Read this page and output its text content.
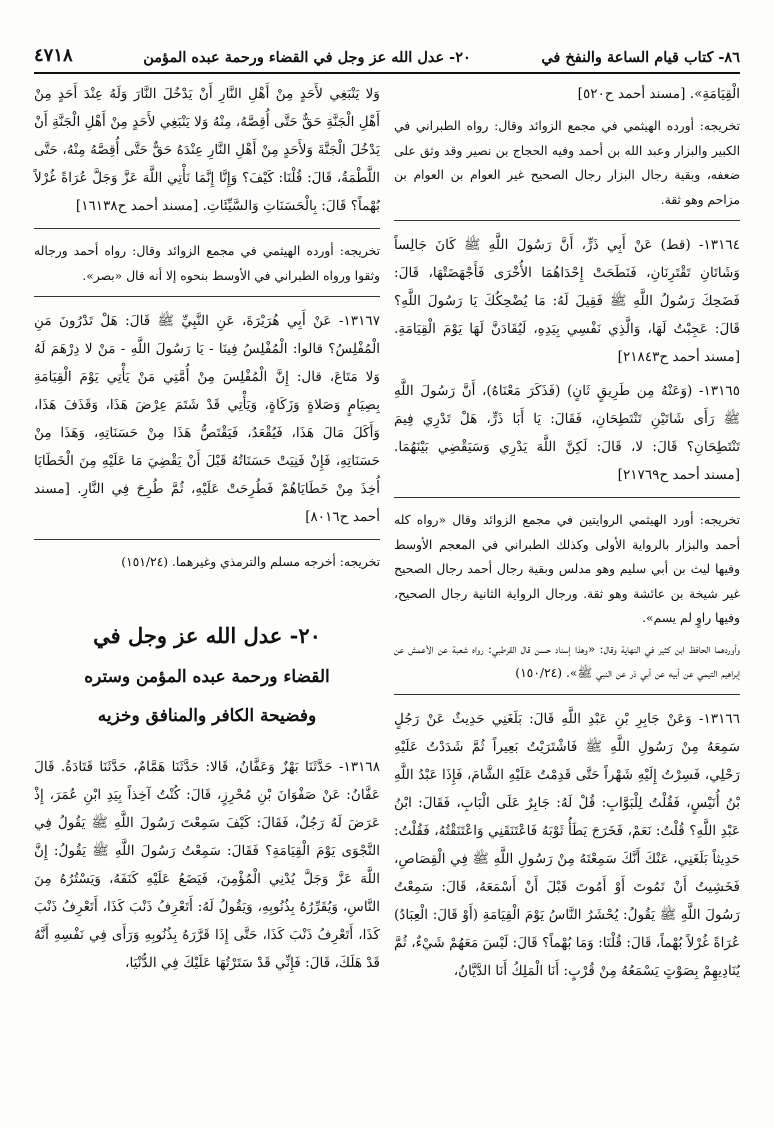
٨٦- كتاب قيام الساعة والنفخ في
٢٠- عدل الله عز وجل في القضاء ورحمة عبده المؤمن
٤٧١٨

الْقِيَامَةِ». [مسند أحمد ح٥٢٠]

تخريجه: أورده الهيثمي في مجمع الزوائد وقال: رواه الطبراني في الكبير والبزار وعبد الله بن أحمد وفيه الحجاج بن نصير وقد وثق على ضعفه، وبقية رجال البزار رجال الصحيح غير العوام بن العوام بن مزاحم وهو ثقة.

١٣١٦٤- (قط) عَنْ أَبِي ذَرٍّ، أَنَّ رَسُولَ اللَّهِ ﷺ كَانَ جَالِساً وَشَاتَانِ تَقْتَرِنَانِ، فَنَطَحَتْ إِحْدَاهُمَا الأُخْرَى فَأَجْهَضَتْهَا، قَالَ: فَضَحِكَ رَسُولُ اللَّهِ ﷺ فَقِيلَ لَهُ: مَا يُضْحِكُكَ يَا رَسُولَ اللَّهِ؟ قَالَ: عَجِبْتُ لَهَا، وَالَّذِي نَفْسِي بِيَدِهِ، لَيُقَادَنَّ لَهَا يَوْمَ الْقِيَامَةِ. [مسند أحمد ح٢١٨٤٣]

١٣١٦٥- (وَعَنْهُ مِن طَرِيقٍ ثَانٍ) (فَذَكَرَ مَعْنَاهُ)، أَنَّ رَسُولَ اللَّهِ ﷺ رَأَى شَاتَيْنِ تَنْتَطِحَانِ، فَقَالَ: يَا أَبَا ذَرٍّ، هَلْ تَدْرِي فِيمَ تَنْتَطِحَانِ؟ قَالَ: لا، قَالَ: لَكِنَّ اللَّهَ يَدْرِي وَسَيَقْضِي بَيْنَهُمَا. [مسند أحمد ح٢١٧٦٩]

تخريجه: أورد الهيثمي الروايتين في مجمع الزوائد وقال «رواه كله أحمد والبزار بالرواية الأولى وكذلك الطبراني في المعجم الأوسط وفيها ليث بن أبي سليم وهو مدلس وبقية رجال أحمد رجال الصحيح غير شيخة بن عائشة وهو ثقة. ورجال الرواية الثانية رجال الصحيح، وفيها راوٍ لم يسم».

وأوردهما الحافظ ابن كثير في النهاية وقال: «وهذا إسناد حسن قال القرطبي: رواه شعبة عن الأعمش عن إبراهيم التيمي عن أبيه عن أبي ذر عن النبي ﷺ». (١٥٠/٢٤)

١٣١٦٦- وَعَنْ جَابِرِ بْنِ عَبْدِ اللَّهِ قَالَ: بَلَغَنِي حَدِيثٌ عَنْ رَجُلٍ سَمِعَهُ مِنْ رَسُولِ اللَّهِ ﷺ فَاشْتَرَيْتُ بَعِيراً ثُمَّ شَدَدْتُ عَلَيْهِ رَحْلِي، فَسِرْتُ إِلَيْهِ شَهْراً حَتَّى قَدِمْتُ عَلَيْهِ الشَّامَ، فَإِذَا عَبْدُ اللَّهِ بْنُ أُنَيْسٍ، فَقُلْتُ لِلْبَوَّابِ: قُلْ لَهُ: جَابِرٌ عَلَى الْبَابِ، فَقَالَ: ابْنُ عَبْدِ اللَّهِ؟ قُلْتُ: نَعَمْ، فَخَرَجَ يَطَأُ ثَوْبَهُ فَاعْتَنَقَنِي وَاعْتَنَقْتُهُ، فَقُلْتُ: حَدِيثاً بَلَغَنِي، عَنْكَ أَنَّكَ سَمِعْتَهُ مِنْ رَسُولِ اللَّهِ ﷺ فِي الْقِصَاصِ، فَخَشِيتُ أَنْ تَمُوتَ أَوْ أَمُوتَ قَبْلَ أَنْ أَسْمَعَهُ، قَالَ: سَمِعْتُ رَسُولَ اللَّهِ ﷺ يَقُولُ: يُحْشَرُ النَّاسُ يَوْمَ الْقِيَامَةِ (أَوْ قَالَ: الْعِبَادُ) عُرَاةً غُرْلاً بُهْماً، قَالَ: قُلْنَا: وَمَا بُهْماً؟ قَالَ: لَيْسَ مَعَهُمْ شَيْءٌ، ثُمَّ يُنَادِيهِمْ بِصَوْتٍ يَسْمَعُهُ مِنْ قُرْبٍ: أَنَا الْمَلِكُ أَنَا الدَّيَّانُ،

وَلا يَنْبَغِي لأَحَدٍ مِنْ أَهْلِ النَّارِ أَنْ يَدْخُلَ النَّارَ وَلَهُ عِنْدَ أَحَدٍ مِنْ أَهْلِ الْجَنَّةِ حَقٌّ حَتَّى أُقِصَّهُ، مِنْهُ وَلا يَنْبَغِي لأَحَدٍ مِنْ أَهْلِ الْجَنَّةِ أَنْ يَدْخُلَ الْجَنَّةَ وَلأَحَدٍ مِنْ أَهْلِ النَّارِ عِنْدَهُ حَقٌّ حَتَّى أُقِصَّهُ مِنْهُ، حَتَّى اللَّطْمَةُ، قَالَ: قُلْنَا: كَيْفَ؟ وَإِنَّا إِنَّمَا نَأْتِي اللَّهَ عَزَّ وَجَلَّ عُرَاةً غُرْلاً بُهْماً؟ قَالَ: بِالْحَسَنَاتِ وَالسَّيِّئَاتِ. [مسند أحمد ح١٦١٣٨]

تخريجه: أورده الهيثمي في مجمع الزوائد وقال: رواه أحمد ورجاله وثقوا ورواه الطبراني في الأوسط بنحوه إلا أنه قال «بصر».

١٣١٦٧- عَنْ أَبِي هُرَيْرَةَ، عَنِ النَّبِيِّ ﷺ قَالَ: هَلْ تَدْرُونَ مَنِ الْمُفْلِسُ؟ قالوا: الْمُفْلِسُ فِينَا - يَا رَسُولَ اللَّهِ - مَنْ لا دِرْهَمَ لَهُ وَلا مَتَاعَ، قال: إِنَّ الْمُفْلِسَ مِنْ أُمَّتِي مَنْ يَأْتِي يَوْمَ الْقِيَامَةِ بِصِيَامٍ وَصَلاةٍ وَزَكَاةٍ، وَيَأْتِي قَدْ شَتَمَ عِرْضَ هَذَا، وَقَذَفَ هَذَا، وَأَكَلَ مَالَ هَذَا، فَيُقْعَدُ، فَيَقْتَصُّ هَذَا مِنْ حَسَنَاتِهِ، وَهَذَا مِنْ حَسَنَاتِهِ، فَإِنْ فَنِيَتْ حَسَنَاتُهُ قَبْلَ أَنْ يَقْضِيَ مَا عَلَيْهِ مِنَ الْخَطَايَا أُخِذَ مِنْ خَطَايَاهُمْ فَطُرِحَتْ عَلَيْهِ، ثُمَّ طُرِحَ فِي النَّارِ. [مسند أحمد ح٨٠١٦]

تخريجه: أخرجه مسلم والترمذي وغيرهما. (١٥١/٢٤)

٢٠- عدل الله عز وجل في
القضاء ورحمة عبده المؤمن وستره
وفضيحة الكافر والمنافق وخزيه

١٣١٦٨- حَدَّثَنَا بَهْزٌ وَعَفَّانُ، قَالا: حَدَّثَنَا هَمَّامٌ، حَدَّثَنَا قَتَادَةُ. قَالَ عَفَّانُ: عَنْ صَفْوَانَ بْنِ مُحْرِزٍ، قَالَ: كُنْتُ آخِذاً بِيَدِ ابْنِ عُمَرَ، إِذْ عَرَضَ لَهُ رَجُلٌ، فَقَالَ: كَيْفَ سَمِعْتَ رَسُولَ اللَّهِ ﷺ يَقُولُ فِي النَّجْوَى يَوْمَ الْقِيَامَةِ؟ فَقَالَ: سَمِعْتُ رَسُولَ اللَّهِ ﷺ يَقُولُ: إِنَّ اللَّهَ عَزَّ وَجَلَّ يُدْنِي الْمُؤْمِنَ، فَيَضَعُ عَلَيْهِ كَنَفَهُ، وَيَسْتُرُهُ مِنَ النَّاسِ، وَيُقَرِّرُهُ بِذُنُوبِهِ، وَيَقُولُ لَهُ: أَتَعْرِفُ ذَنْبَ كَذَا، أَتَعْرِفُ ذَنْبَ كَذَا، أَتَعْرِفُ ذَنْبَ كَذَا، حَتَّى إِذَا قَرَّرَهُ بِذُنُوبِهِ وَرَأَى فِي نَفْسِهِ أَنَّهُ قَدْ هَلَكَ، قَالَ: فَإِنِّي قَدْ سَتَرْتُهَا عَلَيْكَ فِي الدُّنْيَا،
